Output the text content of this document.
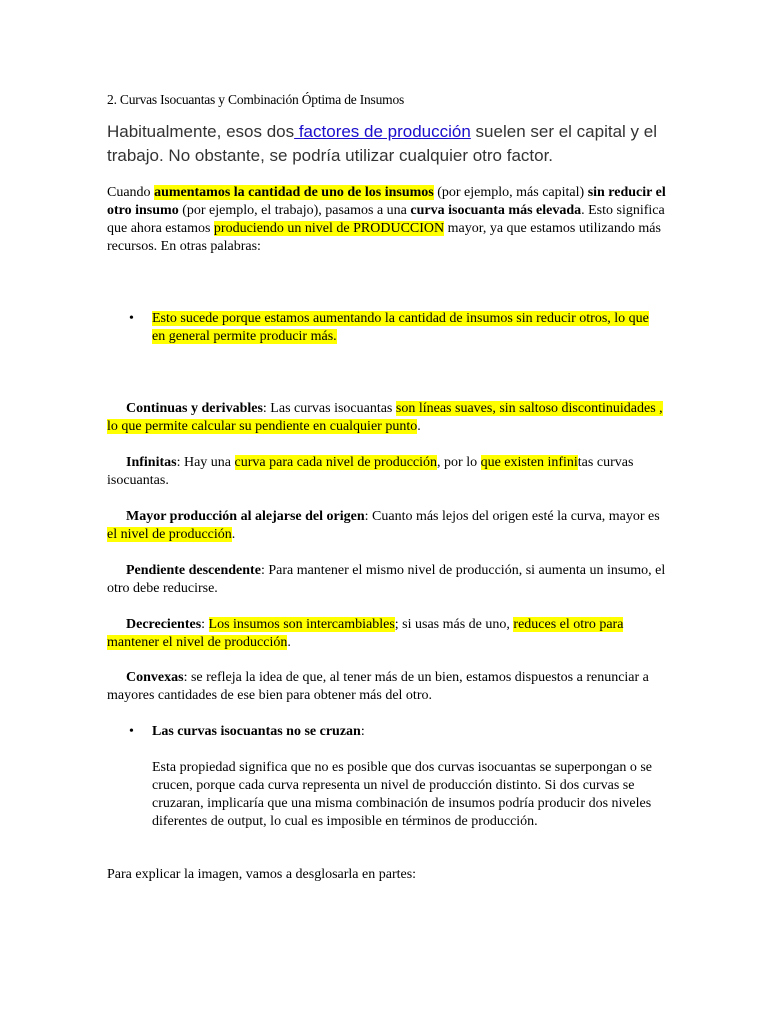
2. Curvas Isocuantas y Combinación Óptima de Insumos

Habitualmente, esos dos factores de producción suelen ser el capital y el trabajo. No obstante, se podría utilizar cualquier otro factor.

Cuando aumentamos la cantidad de uno de los insumos (por ejemplo, más capital) sin reducir el otro insumo (por ejemplo, el trabajo), pasamos a una curva isocuanta más elevada. Esto significa que ahora estamos produciendo un nivel de PRODUCCION mayor, ya que estamos utilizando más recursos. En otras palabras:

• Esto sucede porque estamos aumentando la cantidad de insumos sin reducir otros, lo que en general permite producir más.

Continuas y derivables: Las curvas isocuantas son líneas suaves, sin saltoso discontinuidades , lo que permite calcular su pendiente en cualquier punto.

Infinitas: Hay una curva para cada nivel de producción, por lo que existen infinitas curvas isocuantas.

Mayor producción al alejarse del origen: Cuanto más lejos del origen esté la curva, mayor es el nivel de producción.

Pendiente descendente: Para mantener el mismo nivel de producción, si aumenta un insumo, el otro debe reducirse.

Decrecientes: Los insumos son intercambiables; si usas más de uno, reduces el otro para mantener el nivel de producción.

Convexas: se refleja la idea de que, al tener más de un bien, estamos dispuestos a renunciar a mayores cantidades de ese bien para obtener más del otro.

• Las curvas isocuantas no se cruzan:

Esta propiedad significa que no es posible que dos curvas isocuantas se superpongan o se crucen, porque cada curva representa un nivel de producción distinto. Si dos curvas se cruzaran, implicaría que una misma combinación de insumos podría producir dos niveles diferentes de output, lo cual es imposible en términos de producción.

Para explicar la imagen, vamos a desglosarla en partes:
